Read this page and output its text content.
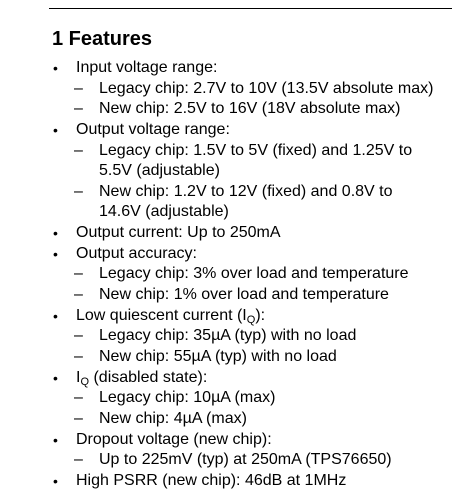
1 Features
• Input voltage range:
– Legacy chip: 2.7V to 10V (13.5V absolute max)
– New chip: 2.5V to 16V (18V absolute max)
• Output voltage range:
– Legacy chip: 1.5V to 5V (fixed) and 1.25V to
5.5V (adjustable)
– New chip: 1.2V to 12V (fixed) and 0.8V to
14.6V (adjustable)
• Output current: Up to 250mA
• Output accuracy:
– Legacy chip: 3% over load and temperature
– New chip: 1% over load and temperature
• Low quiescent current $(I_Q)$:
– Legacy chip: 35µA (typ) with no load
– New chip: 55µA (typ) with no load
• $I_Q$ (disabled state):
– Legacy chip: 10µA (max)
– New chip: 4µA (max)
• Dropout voltage (new chip):
– Up to 225mV (typ) at 250mA (TPS76650)
• High PSRR (new chip): 46dB at 1MHz
